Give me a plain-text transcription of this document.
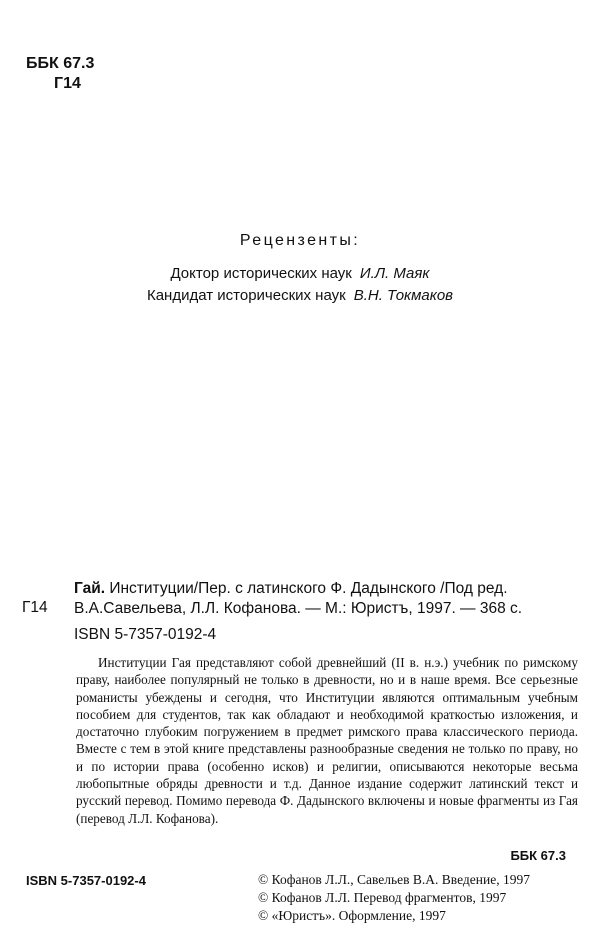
ББК 67.3
Г14
Рецензенты:
Доктор исторических наук И.Л. Маяк
Кандидат исторических наук В.Н. Токмаков
Г14
Гай. Институции/Пер. с латинского Ф. Дадынского /Под ред. В.А.Савельева, Л.Л. Кофанова. — М.: Юристъ, 1997. — 368 с.
ISBN 5-7357-0192-4

Институции Гая представляют собой древнейший (II в. н.э.) учебник по римскому праву, наиболее популярный не только в древности, но и в наше время. Все серьезные романисты убеждены и сегодня, что Институции являются оптимальным учебным пособием для студентов, так как обладают и необходимой краткостью изложения, и достаточно глубоким погружением в предмет римского права классического периода. Вместе с тем в этой книге представлены разнообразные сведения не только по праву, но и по истории права (особенно исков) и религии, описываются некоторые весьма любопытные обряды древности и т.д. Данное издание содержит латинский текст и русский перевод. Помимо перевода Ф. Дадынского включены и новые фрагменты из Гая (перевод Л.Л. Кофанова).

ББК 67.3
ISBN 5-7357-0192-4	© Кофанов Л.Л., Савельев В.А. Введение, 1997
© Кофанов Л.Л. Перевод фрагментов, 1997
© «Юристъ». Оформление, 1997
